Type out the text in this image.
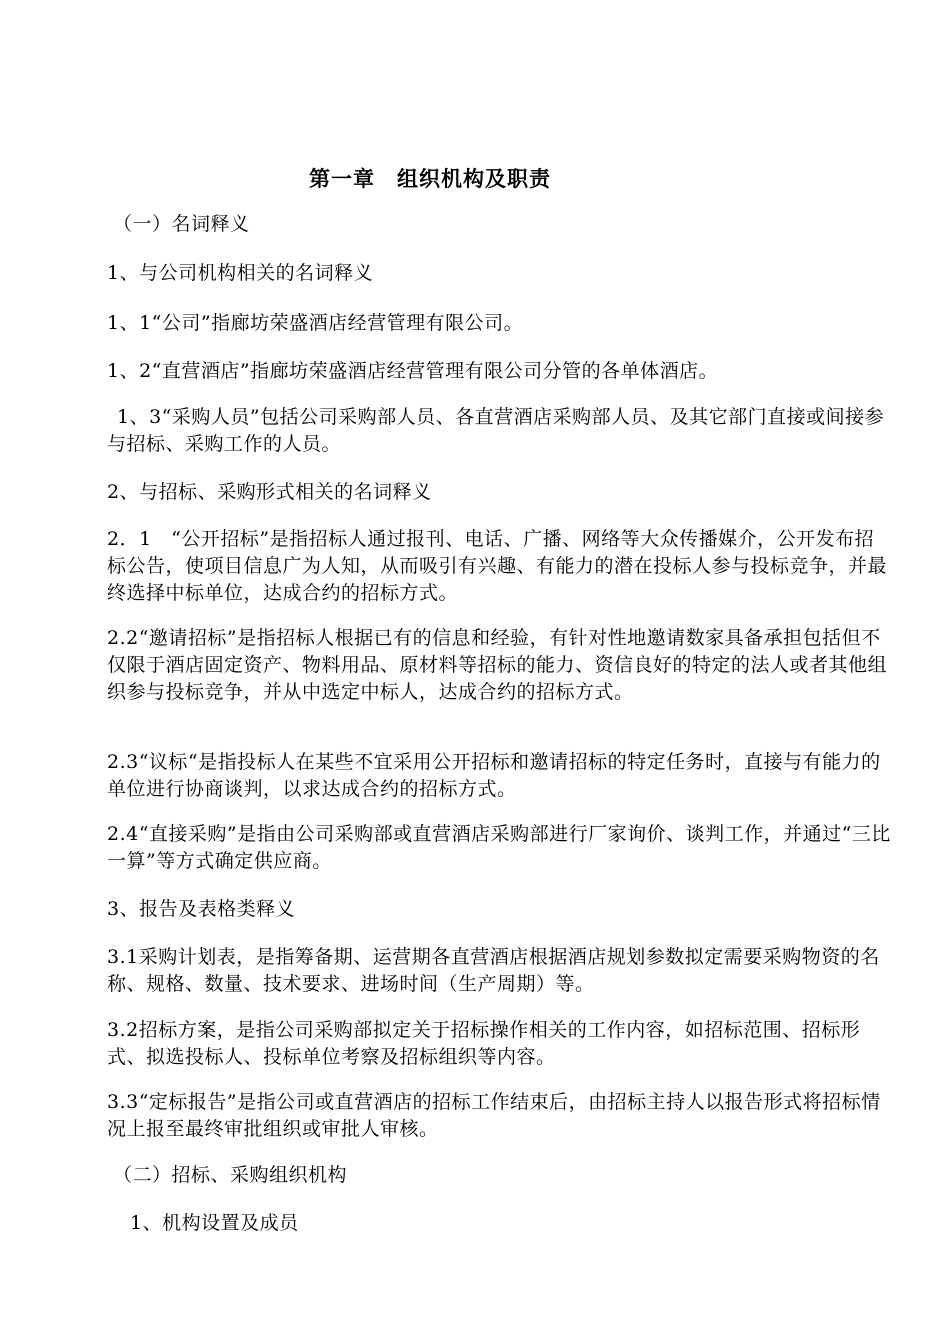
第一章　组织机构及职责
（一）名词释义
1、与公司机构相关的名词释义
1、1“公司”指廊坊荣盛酒店经营管理有限公司。
1、2“直营酒店”指廊坊荣盛酒店经营管理有限公司分管的各单体酒店。
1、3“采购人员”包括公司采购部人员、各直营酒店采购部人员、及其它部门直接或间接参与招标、采购工作的人员。
2、与招标、采购形式相关的名词释义
2．1　“公开招标”是指招标人通过报刊、电话、广播、网络等大众传播媒介，公开发布招标公告，使项目信息广为人知，从而吸引有兴趣、有能力的潜在投标人参与投标竞争，并最终选择中标单位，达成合约的招标方式。
2.2“邀请招标”是指招标人根据已有的信息和经验，有针对性地邀请数家具备承担包括但不仅限于酒店固定资产、物料用品、原材料等招标的能力、资信良好的特定的法人或者其他组织参与投标竞争，并从中选定中标人，达成合约的招标方式。
2.3“议标“是指投标人在某些不宜采用公开招标和邀请招标的特定任务时，直接与有能力的单位进行协商谈判，以求达成合约的招标方式。
2.4“直接采购”是指由公司采购部或直营酒店采购部进行厂家询价、谈判工作，并通过“三比一算”等方式确定供应商。
3、报告及表格类释义
3.1采购计划表，是指筹备期、运营期各直营酒店根据酒店规划参数拟定需要采购物资的名称、规格、数量、技术要求、进场时间（生产周期）等。
3.2招标方案，是指公司采购部拟定关于招标操作相关的工作内容，如招标范围、招标形式、拟选投标人、投标单位考察及招标组织等内容。
3.3“定标报告”是指公司或直营酒店的招标工作结束后，由招标主持人以报告形式将招标情况上报至最终审批组织或审批人审核。
（二）招标、采购组织机构
1、机构设置及成员
